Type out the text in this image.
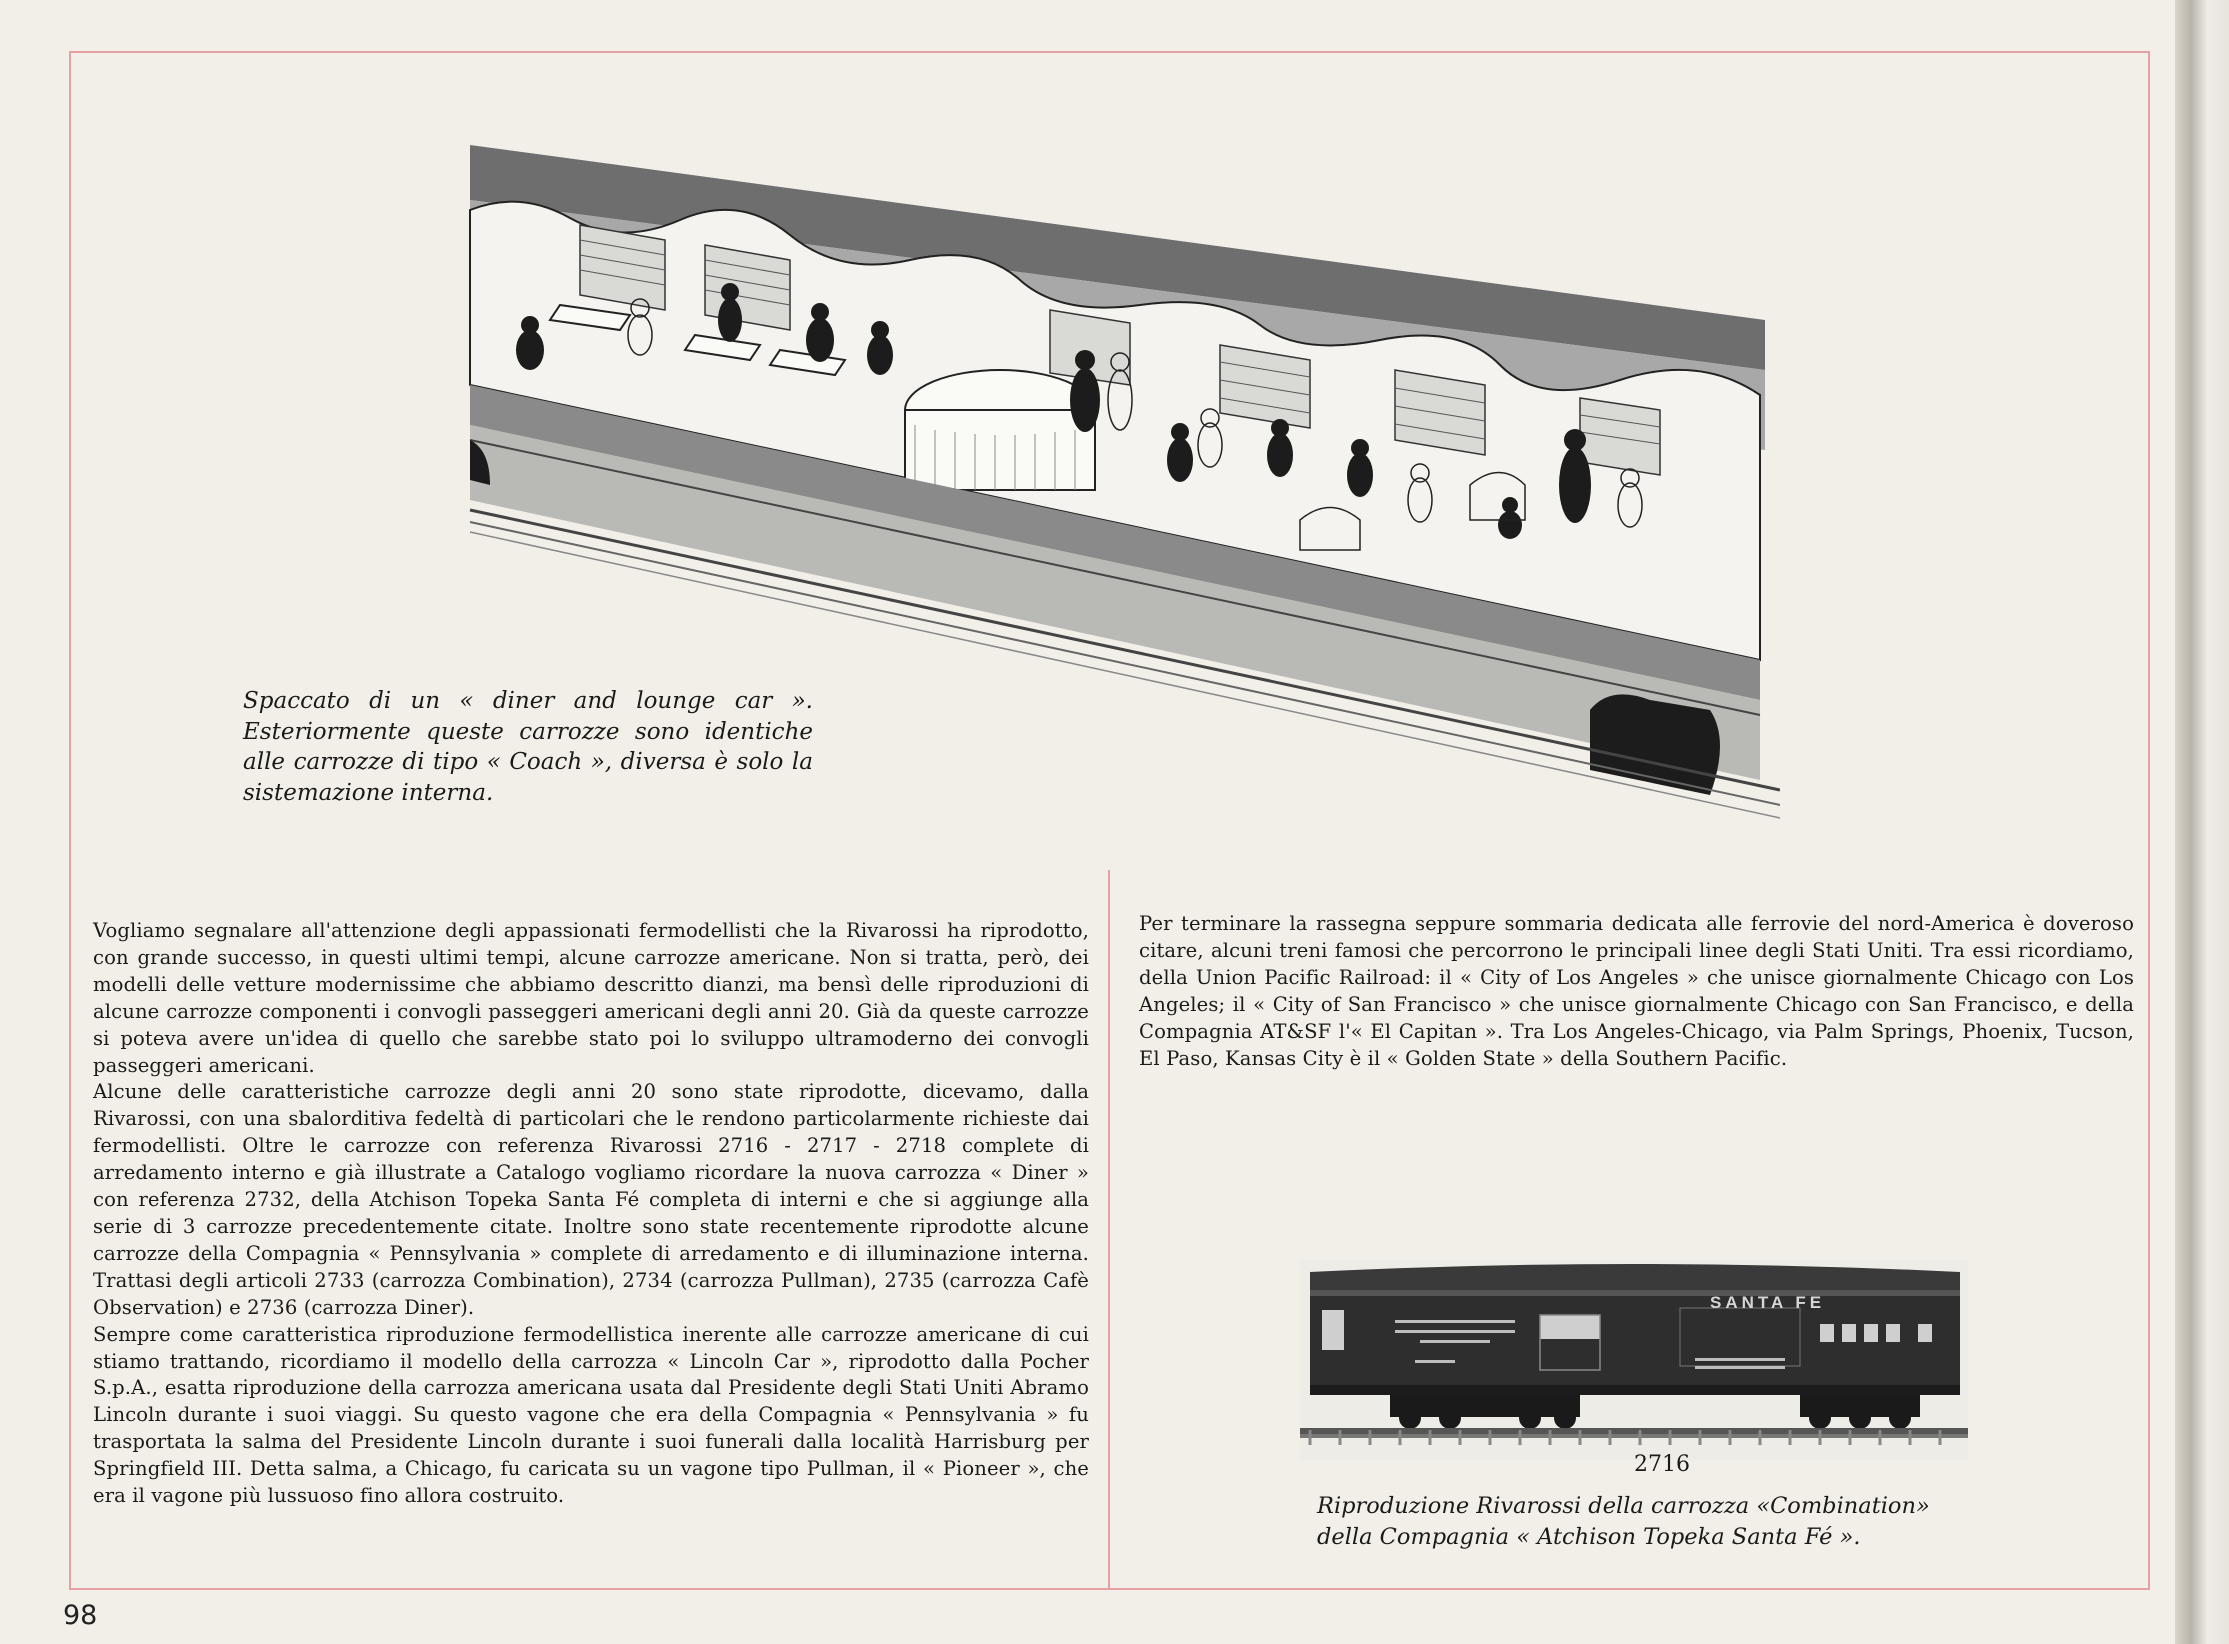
Spaccato di un « diner and lounge car ». Esteriormente queste carrozze sono identiche alle carrozze di tipo « Coach », diversa è solo la sistemazione interna.

Vogliamo segnalare all'attenzione degli appassionati fermodellisti che la Rivarossi ha riprodotto, con grande successo, in questi ultimi tempi, alcune carrozze americane. Non si tratta, però, dei modelli delle vetture modernissime che abbiamo descritto dianzi, ma bensì delle riproduzioni di alcune carrozze componenti i convogli passeggeri americani degli anni 20. Già da queste carrozze si poteva avere un'idea di quello che sarebbe stato poi lo sviluppo ultramoderno dei convogli passeggeri americani.

Alcune delle caratteristiche carrozze degli anni 20 sono state riprodotte, dicevamo, dalla Rivarossi, con una sbalorditiva fedeltà di particolari che le rendono particolarmente richieste dai fermodellisti. Oltre le carrozze con referenza Rivarossi 2716 - 2717 - 2718 complete di arredamento interno e già illustrate a Catalogo vogliamo ricordare la nuova carrozza « Diner » con referenza 2732, della Atchison Topeka Santa Fé completa di interni e che si aggiunge alla serie di 3 carrozze precedentemente citate. Inoltre sono state recentemente riprodotte alcune carrozze della Compagnia « Pennsylvania » complete di arredamento e di illuminazione interna. Trattasi degli articoli 2733 (carrozza Combination), 2734 (carrozza Pullman), 2735 (carrozza Cafè Observation) e 2736 (carrozza Diner).

Sempre come caratteristica riproduzione fermodellistica inerente alle carrozze americane di cui stiamo trattando, ricordiamo il modello della carrozza « Lincoln Car », riprodotto dalla Pocher S.p.A., esatta riproduzione della carrozza americana usata dal Presidente degli Stati Uniti Abramo Lincoln durante i suoi viaggi. Su questo vagone che era della Compagnia « Pennsylvania » fu trasportata la salma del Presidente Lincoln durante i suoi funerali dalla località Harrisburg per Springfield III. Detta salma, a Chicago, fu caricata su un vagone tipo Pullman, il « Pioneer », che era il vagone più lussuoso fino allora costruito.

Per terminare la rassegna seppure sommaria dedicata alle ferrovie del nord-America è doveroso citare, alcuni treni famosi che percorrono le principali linee degli Stati Uniti. Tra essi ricordiamo, della Union Pacific Railroad: il « City of Los Angeles » che unisce giornalmente Chicago con Los Angeles; il « City of San Francisco » che unisce giornalmente Chicago con San Francisco, e della Compagnia AT&SF l'« El Capitan ». Tra Los Angeles-Chicago, via Palm Springs, Phoenix, Tucson, El Paso, Kansas City è il « Golden State » della Southern Pacific.

SANTA FE
2716
Riproduzione Rivarossi della carrozza «Combination» della Compagnia « Atchison Topeka Santa Fé ».
98
